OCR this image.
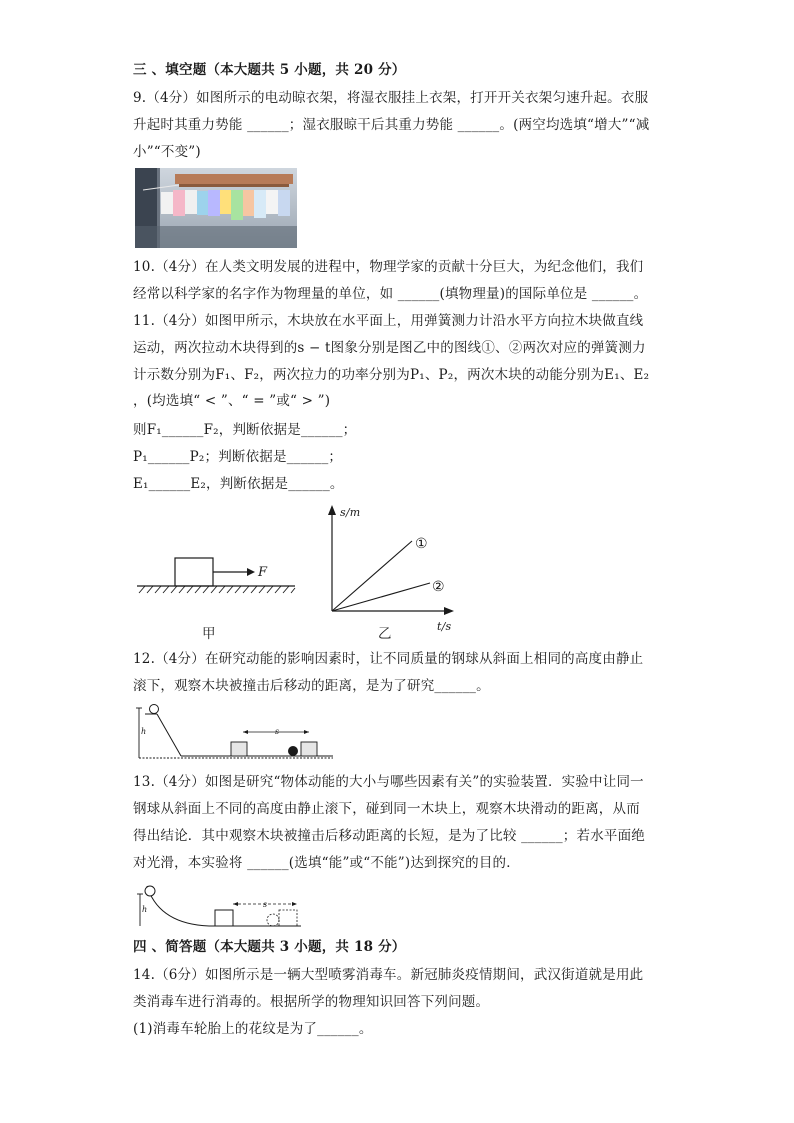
三 、填空题（本大题共 5 小题，共 20 分）
9.（4分）如图所示的电动晾衣架，将湿衣服挂上衣架，打开开关衣架匀速升起。衣服
升起时其重力势能 ______；湿衣服晾干后其重力势能 ______。(两空均选填“增大”“减
小”“不变”)
10.（4分）在人类文明发展的进程中，物理学家的贡献十分巨大，为纪念他们，我们
经常以科学家的名字作为物理量的单位，如 ______(填物理量)的国际单位是 ______。
11.（4分）如图甲所示，木块放在水平面上，用弹簧测力计沿水平方向拉木块做直线
运动，两次拉动木块得到的s − t图象分别是图乙中的图线①、②两次对应的弹簧测力
计示数分别为F₁、F₂，两次拉力的功率分别为P₁、P₂，两次木块的动能分别为E₁、E₂
，(均选填“ < ”、“ = ”或“ > ”)
则F₁______F₂，判断依据是______；
P₁______P₂；判断依据是______；
E₁______E₂，判断依据是______。
F
甲
s/m
t/s
①
②
乙
12.（4分）在研究动能的影响因素时，让不同质量的钢球从斜面上相同的高度由静止
滚下，观察木块被撞击后移动的距离，是为了研究______。
h	s
13.（4分）如图是研究“物体动能的大小与哪些因素有关”的实验装置．实验中让同一
钢球从斜面上不同的高度由静止滚下，碰到同一木块上，观察木块滑动的距离，从而
得出结论．其中观察木块被撞击后移动距离的长短，是为了比较 ______；若水平面绝
对光滑，本实验将 ______(选填“能”或“不能”)达到探究的目的．
h
s
四 、简答题（本大题共 3 小题，共 18 分）
14.（6分）如图所示是一辆大型喷雾消毒车。新冠肺炎疫情期间，武汉街道就是用此
类消毒车进行消毒的。根据所学的物理知识回答下列问题。
(1)消毒车轮胎上的花纹是为了______。
